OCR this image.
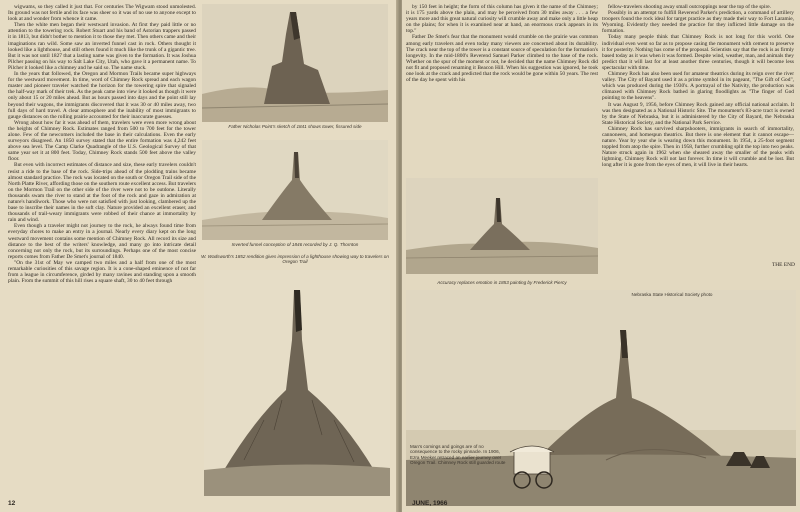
wigwams, so they called it just that. For centuries The Wigwam stood unmolested. Its ground was not fertile and its face was sheer so it was of no use to anyone except to look at and wonder from whence it came.

Then the white men began their westward invasion. At first they paid little or no attention to the towering rock. Robert Stuart and his band of Astorian trappers passed it in 1813, but didn't bother to mention it to those they met. Then others came and their imaginations ran wild. Some saw an inverted funnel cast in rock. Others thought it looked like a lighthouse, and still others found it much like the trunk of a gigantic tree. But it was not until 1827 that a lasting name was given to the formation. It was Joshua Pilcher passing on his way to Salt Lake City, Utah, who gave it a permanent name. To Pilcher it looked like a chimney and he said so. The name stuck.

In the years that followed, the Oregon and Mormon Trails became super highways for the westward movement. In time, word of Chimney Rock spread and each wagon master and pioneer traveler watched the horizon for the towering spire that signaled the half-way mark of their trek. As the peak came into view it looked as though it were only about 15 or 20 miles ahead. But as hours passed into days and the point still lay beyond their wagons, the immigrants discovered that it was 30 or 40 miles away, two full days of hard travel. A clear atmosphere and the inability of most immigrants to gauge distances on the rolling prairie accounted for their inaccurate guesses.

Wrong about how far it was ahead of them, travelers were even more wrong about the heights of Chimney Rock. Estimates ranged from 500 to 700 feet for the tower alone. Few of the newcomers included the base in their calculations. Even the early surveyors disagreed. An 1850 survey stated that the entire formation was 4,242 feet above sea level. The Camp Clarke Quadrangle of the U.S. Geological Survey of that same year set it at 800 feet. Today, Chimney Rock stands 500 feet above the valley floor.

But even with incorrect estimates of distance and size, these early travelers couldn't resist a ride to the base of the rock. Side-trips ahead of the plodding trains became almost standard practice. The rock was located on the south or Oregon Trail side of the North Platte River, affording those on the southern route excellent access. But travelers on the Mormon Trail on the other side of the river were not to be outdone. Literally thousands swam the river to stand at the foot of the rock and gaze in admiration at nature's handiwork. Those who were not satisfied with just looking, clambered up the base to inscribe their names in the soft clay. Nature provided an excellent eraser, and thousands of trail-weary immigrants were robbed of their chance at immortality by rain and wind.

Even though a traveler might not journey to the rock, he always found time from everyday chores to make an entry in a journal. Nearly every diary kept on the long westward movement contains some mention of Chimney Rock. All record its size and distance to the best of the writers' knowledge, and many go into intricate detail concerning not only the rock, but its surroundings. Perhaps one of the most concise reports comes from Father De Smet's journal of 1840.

"On the 31st of May we camped two miles and a half from one of the most remarkable curiosities of this savage region. It is a cone-shaped eminence of not far from a league in circumference, girded by many ravines and standing upon a smooth plain. From the summit of this hill rises a square shaft, 30 to 40 feet through

Father Nicholas Point's sketch of 1841 shows tower, fissured side
Inverted funnel conception of 1846 recorded by J. Q. Thornton
W. Wadsworth's 1852 rendition gives impression of a lighthouse showing way to travelers on Oregon Trail
12

by 150 feet in height; the form of this column has given it the name of the Chimney; it is 175 yards above the plain, and may be perceived from 30 miles away . . . a few years more and this great natural curiosity will crumble away and make only a little heap on the plains; for when it is examined near at hand, an enormous crack appears in its top."

Father De Smet's fear that the monument would crumble on the prairie was common among early travelers and even today many viewers are concerned about its durability. The crack near the top of the tower is a constant source of speculation for the formation's longevity. In the mid-1800's Reverend Samuel Parker climbed to the base of the rock. Whether on the spur of the moment or not, he decided that the name Chimney Rock did not fit and proposed renaming it Beacon Hill. When his suggestion was ignored, he took one look at the crack and predicted that the rock would be gone within 50 years. The rest of the day he spent with his

fellow-travelers shooting away small outcroppings near the top of the spire.

Possibly in an attempt to fulfill Reverend Parker's prediction, a command of artillery troopers found the rock ideal for target practice as they made their way to Fort Laramie, Wyoming. Evidently they needed the practice for they inflicted little damage on the formation.

Today many people think that Chimney Rock is not long for this world. One individual even went so far as to propose casing the monument with cement to preserve it for posterity. Nothing has come of the proposal. Scientists say that the rock is as firmly based today as it was when it was formed. Despite wind, weather, man, and animals they predict that it will last for at least another three centuries, though it will become less spectacular with time.

Chimney Rock has also been used for amateur theatrics during its reign over the river valley. The City of Bayard used it as a prime symbol in its pageant, "The Gift of God", which was produced during the 1930's. A portrayal of the Nativity, the production was climaxed with Chimney Rock bathed in glaring floodlights as "The finger of God pointing to the heavens".

It was August 9, 1956, before Chimney Rock gained any official national acclaim. It was then designated as a National Historic Site. The monument's 83-acre tract is owned by the State of Nebraska, but it is administered by the City of Bayard, the Nebraska State Historical Society, and the National Park Service.

Chimney Rock has survived sharpshooters, immigrants in search of immortality, cannoneers, and homespun theatrics. But there is one element that it cannot escape—nature. Year by year she is wearing down this monument. In 1954, a 25-foot segment toppled from atop the spire. Then in 1958, further crumbling split the top into two peaks. Nature struck again in 1962 when she sheared away the smaller of the peaks with lightning. Chimney Rock will not last forever. In time it will crumble and be lost. But long after it is gone from the eyes of men, it will live in their hearts.

THE END
Accuracy replaces emotion in 1853 painting by Frederick Piercy
Nebraska State Historical Society photo
Man's comings and goings are of no consequence to the rocky pinnacle. In 1906, Ezra Meeker retraced an earlier journey over Oregon Trail. Chimney Rock still guarded route
JUNE, 1966
